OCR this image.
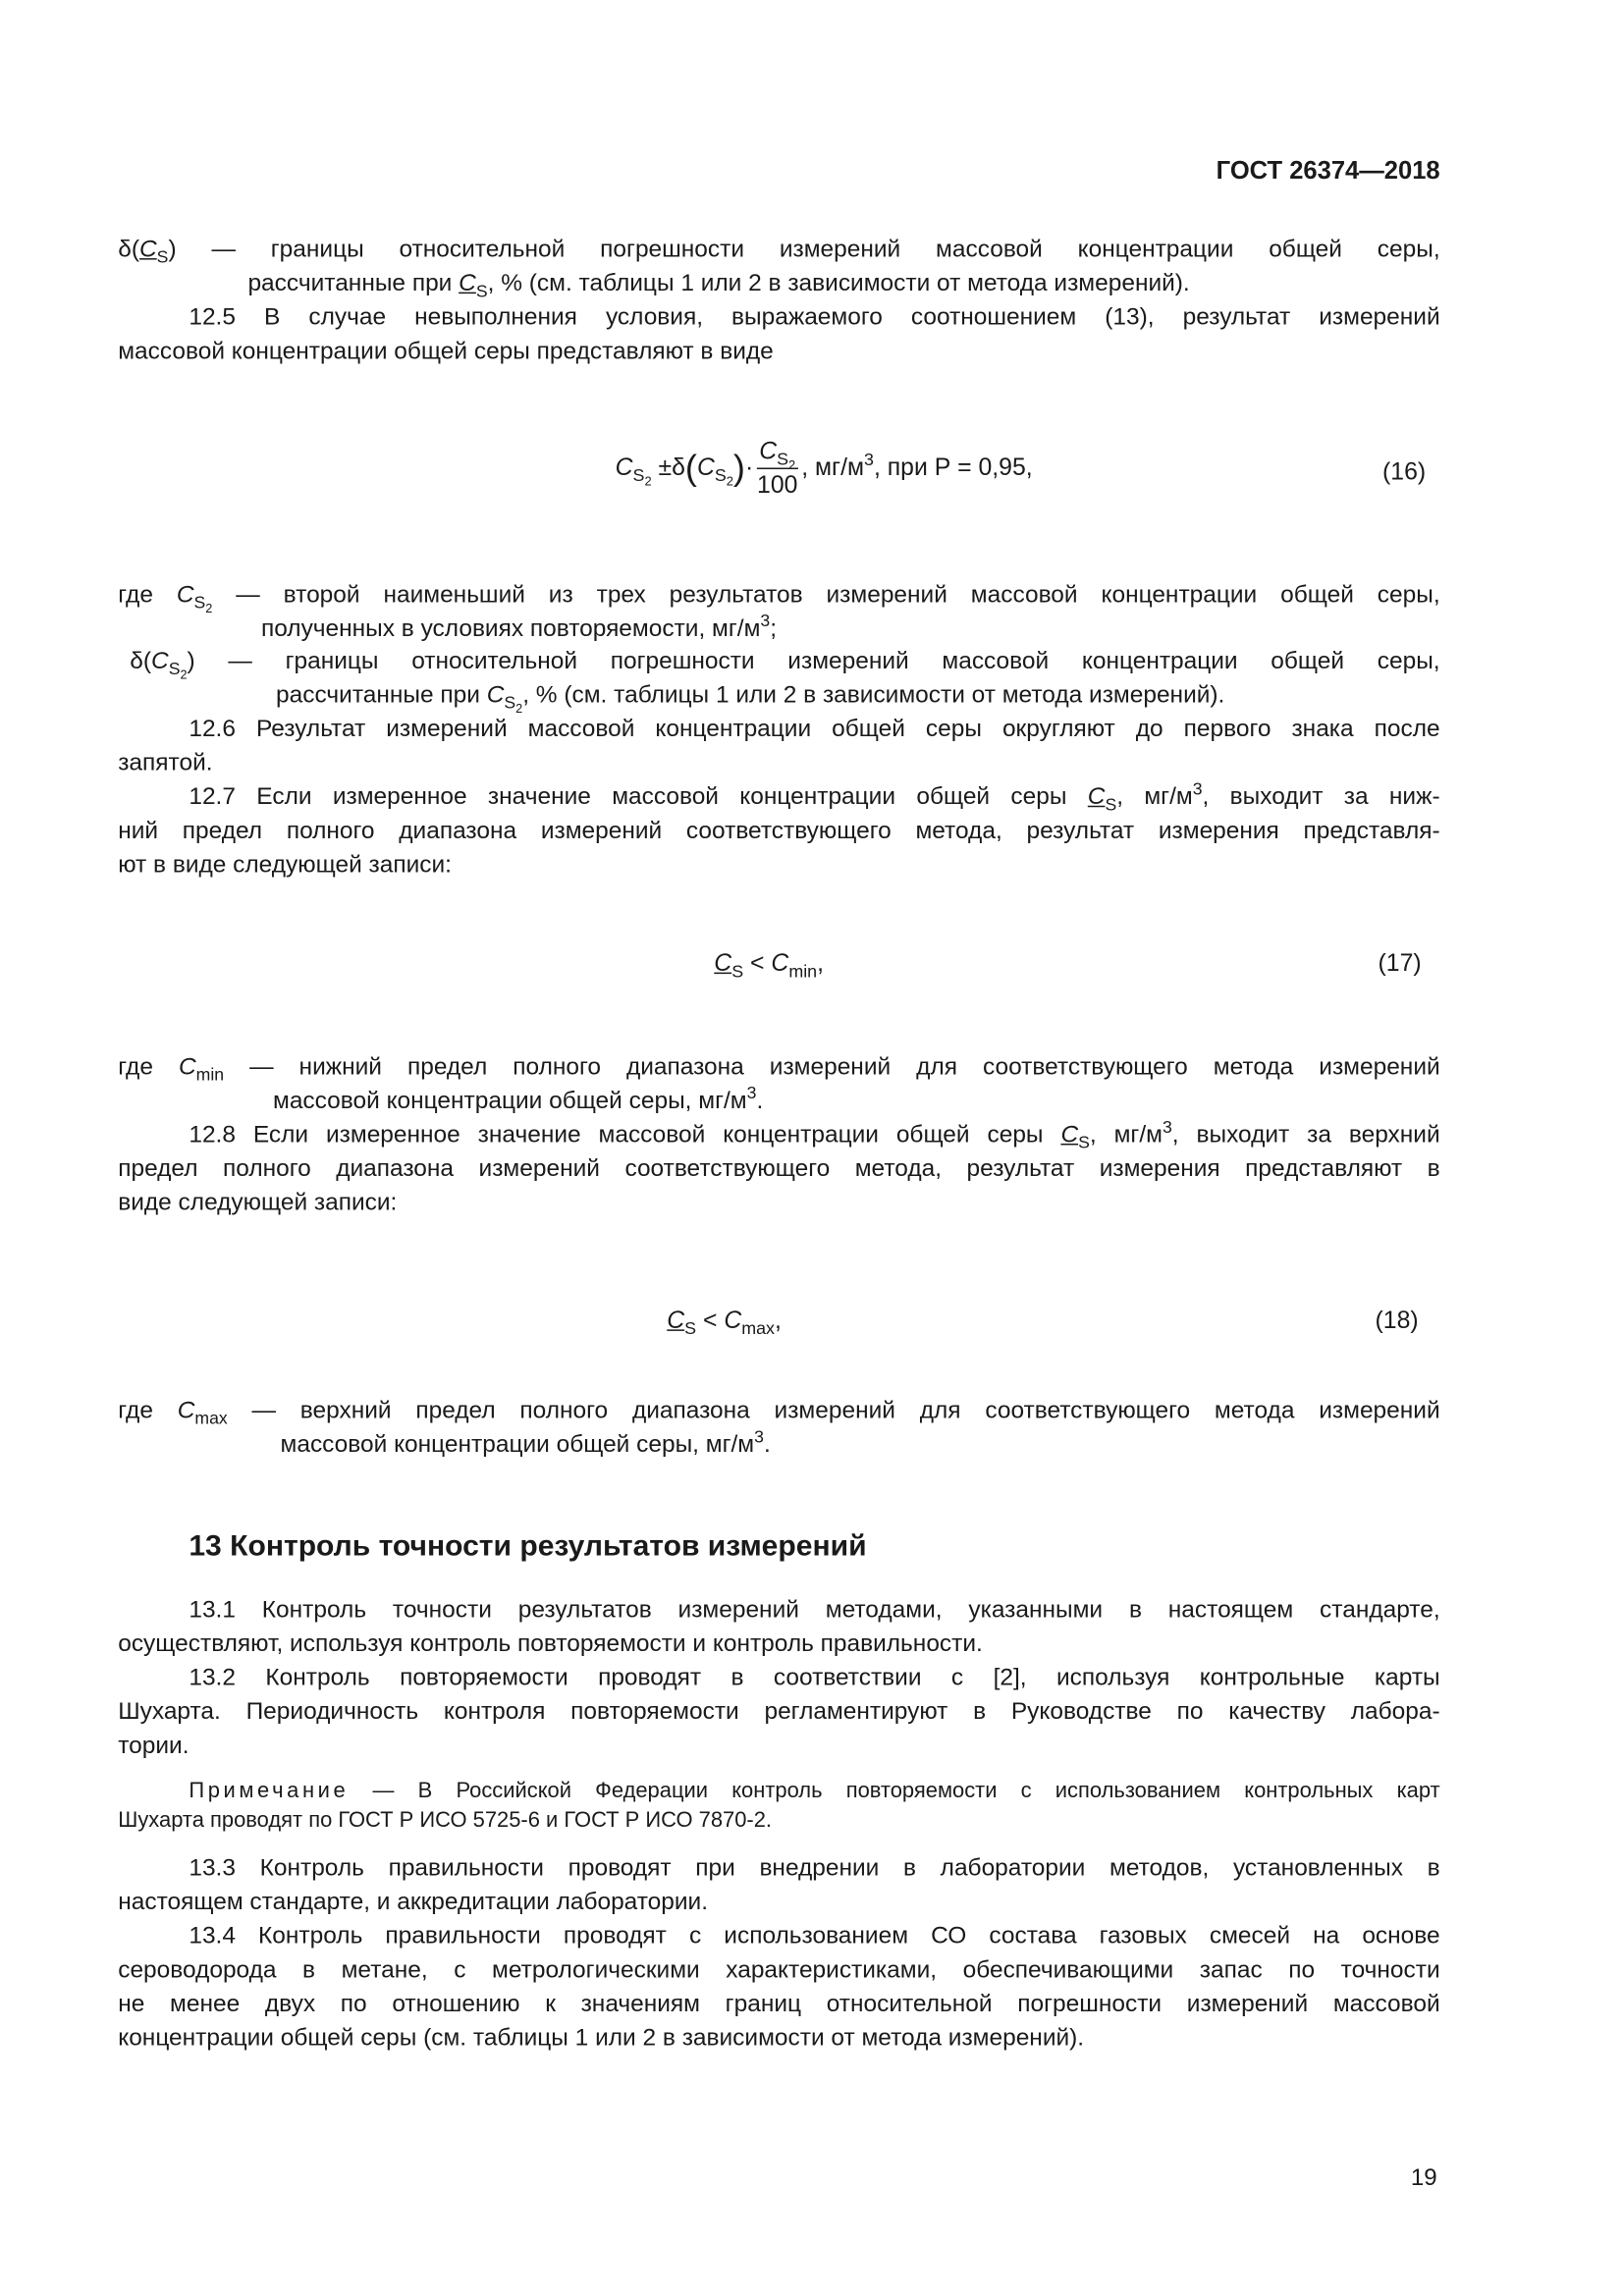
ГОСТ 26374—2018
$\delta(C_S)$ — границы относительной погрешности измерений массовой концентрации общей серы,
рассчитанные при $C_S$, % (см. таблицы 1 или 2 в зависимости от метода измерений).
12.5 В случае невыполнения условия, выражаемого соотношением (13), результат измерений
массовой концентрации общей серы представляют в виде
$C_{S_2} \pm\delta(C_{S_2})\cdot \frac{C_{S_2}}{100}$ , $мг/м^3$, при Р = 0,95,	(16)
где $C_{S_2}$ — второй наименьший из трех результатов измерений массовой концентрации общей серы,
полученных в условиях повторяемости, $мг/м^3$;
$\delta(C_{S_2})$ — границы относительной погрешности измерений массовой концентрации общей серы,
рассчитанные при $C_{S_2}$, % (см. таблицы 1 или 2 в зависимости от метода измерений).
12.6 Результат измерений массовой концентрации общей серы округляют до первого знака после
запятой.
12.7 Если измеренное значение массовой концентрации общей серы $C_S$, $мг/м^3$, выходит за ниж-
ний предел полного диапазона измерений соответствующего метода, результат измерения представля-
ют в виде следующей записи:
$C_S < C_{min}$,	(17)
где $C_{min}$ — нижний предел полного диапазона измерений для соответствующего метода измерений
массовой концентрации общей серы, $мг/м^3$.
12.8 Если измеренное значение массовой концентрации общей серы $C_S$, $мг/м^3$, выходит за верхний
предел полного диапазона измерений соответствующего метода, результат измерения представляют в
виде следующей записи:
$C_S < C_{max}$,	(18)
где $C_{max}$ — верхний предел полного диапазона измерений для соответствующего метода измерений
массовой концентрации общей серы, $мг/м^3$.
13 Контроль точности результатов измерений
13.1 Контроль точности результатов измерений методами, указанными в настоящем стандарте,
осуществляют, используя контроль повторяемости и контроль правильности.
13.2 Контроль повторяемости проводят в соответствии с [2], используя контрольные карты
Шухарта. Периодичность контроля повторяемости регламентируют в Руководстве по качеству лабора-
тории.
Примечание — В Российской Федерации контроль повторяемости с использованием контрольных карт
Шухарта проводят по ГОСТ Р ИСО 5725-6 и ГОСТ Р ИСО 7870-2.
13.3 Контроль правильности проводят при внедрении в лаборатории методов, установленных в
настоящем стандарте, и аккредитации лаборатории.
13.4 Контроль правильности проводят с использованием СО состава газовых смесей на основе
сероводорода в метане, с метрологическими характеристиками, обеспечивающими запас по точности
не менее двух по отношению к значениям границ относительной погрешности измерений массовой
концентрации общей серы (см. таблицы 1 или 2 в зависимости от метода измерений).
19
